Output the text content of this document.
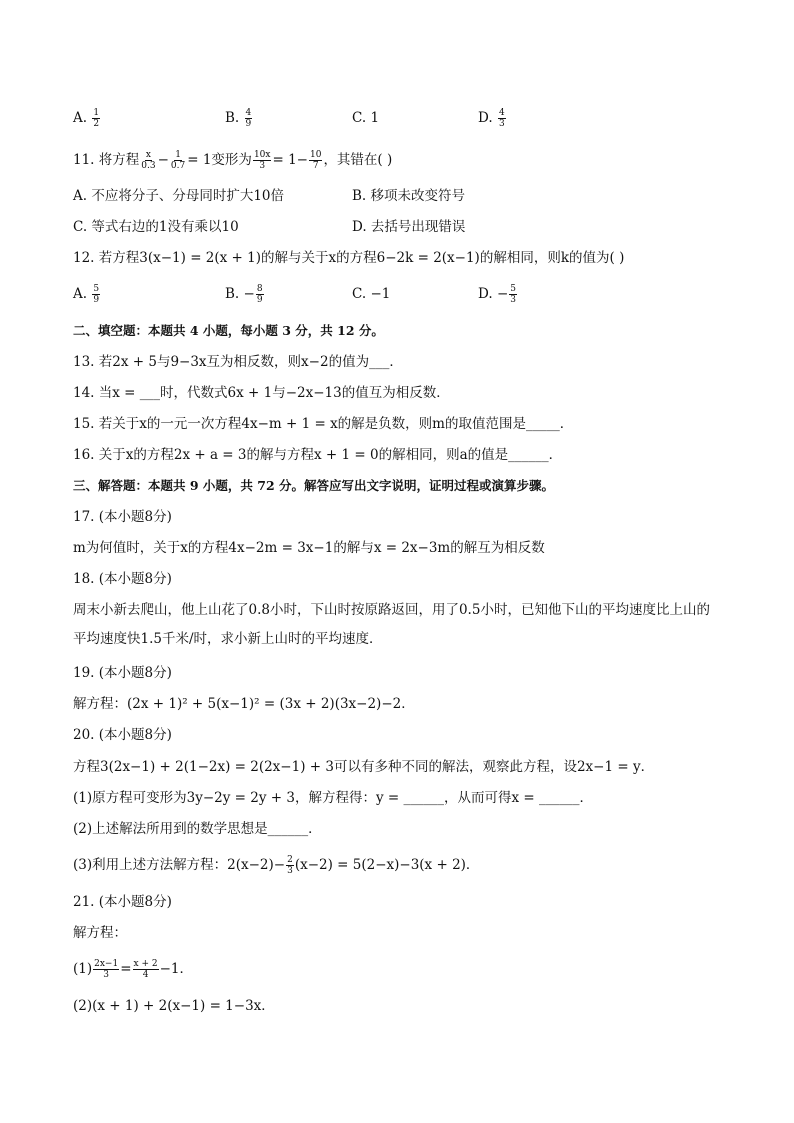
A. $\frac{1}{2}$	B. $\frac{4}{9}$	C. 1	D. $\frac{4}{3}$
11. 将方程 $\frac{x}{0.3} - \frac{1}{0.7} = 1$变形为 $\frac{10x}{3} = 1- \frac{10}{7}$ ，其错在( )
A. 不应将分子、分母同时扩大10倍	B. 移项未改变符号
C. 等式右边的1没有乘以10	D. 去括号出现错误
12. 若方程3(x−1) = 2(x + 1)的解与关于x的方程6−2k = 2(x−1)的解相同，则k的值为( )
A. $\frac{5}{9}$	B. − $\frac{8}{9}$	C. −1	D. − $\frac{5}{3}$
二、填空题：本题共 4 小题，每小题 3 分，共 12 分。
13. 若2x + 5与9−3x互为相反数，则x−2的值为___．
14. 当x = ___时，代数式6x + 1与−2x−13的值互为相反数．
15. 若关于x的一元一次方程4x−m + 1 = x的解是负数，则m的取值范围是_____．
16. 关于x的方程2x + a = 3的解与方程x + 1 = 0的解相同，则a的值是______．
三、解答题：本题共 9 小题，共 72 分。解答应写出文字说明，证明过程或演算步骤。
17. (本小题8分)
m为何值时，关于x的方程4x−2m = 3x−1的解与x = 2x−3m的解互为相反数
18. (本小题8分)
周末小新去爬山，他上山花了0.8小时，下山时按原路返回，用了0.5小时，已知他下山的平均速度比上山的平均速度快1.5千米/时，求小新上山时的平均速度．
19. (本小题8分)
解方程：(2x + 1)² + 5(x−1)² = (3x + 2)(3x−2)−2．
20. (本小题8分)
方程3(2x−1) + 2(1−2x) = 2(2x−1) + 3可以有多种不同的解法，观察此方程，设2x−1 = y．
(1)原方程可变形为3y−2y = 2y + 3，解方程得：y = ______，从而可得x = ______．
(2)上述解法所用到的数学思想是______．
(3)利用上述方法解方程：$2(x-2)- \frac{2}{3} (x-2) = 5(2-x)-3(x + 2)$．
21. (本小题8分)
解方程：
$(1) \frac{2x-1}{3} = \frac{x + 2}{4} -1$．
(2)(x + 1) + 2(x−1) = 1−3x．
